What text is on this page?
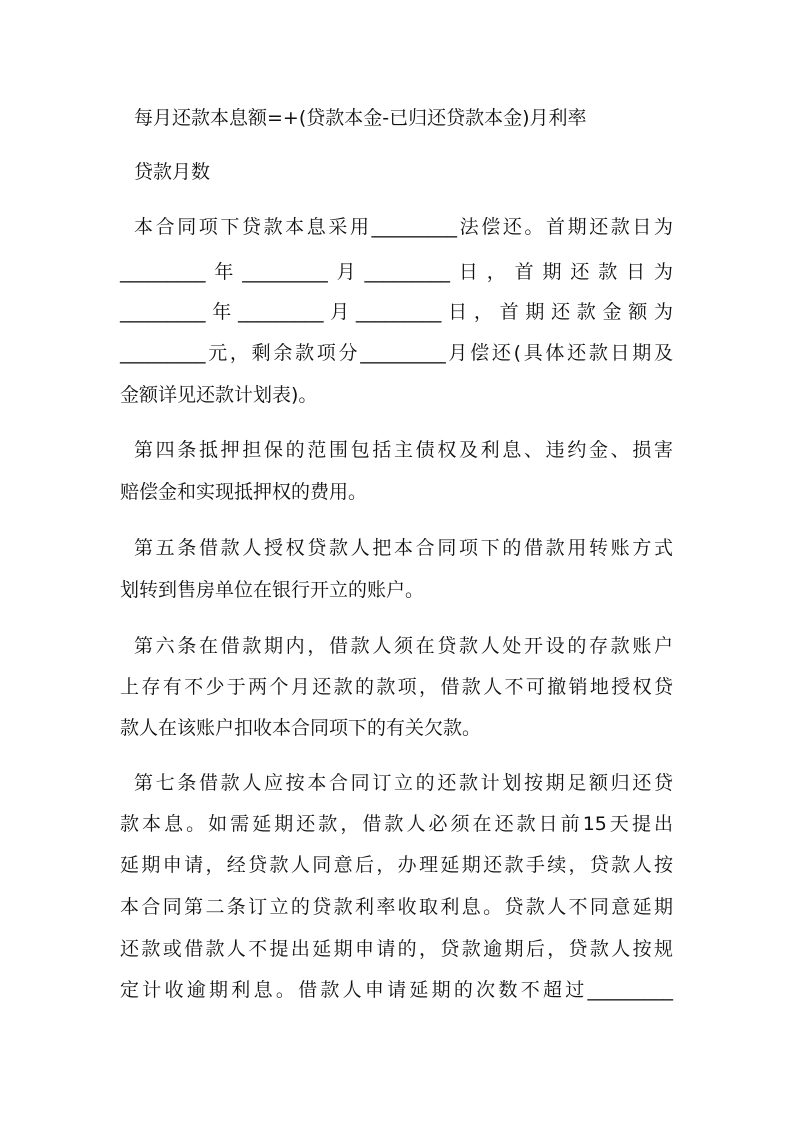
每月还款本息额=+(贷款本金-已归还贷款本金)月利率
贷款月数
本合同项下贷款本息采用_________法偿还。首期还款日为
_________年_________月_________日，首期还款日为
_________年_________月_________日，首期还款金额为
_________元，剩余款项分_________月偿还(具体还款日期及
金额详见还款计划表)。
第四条抵押担保的范围包括主债权及利息、违约金、损害
赔偿金和实现抵押权的费用。
第五条借款人授权贷款人把本合同项下的借款用转账方式
划转到售房单位在银行开立的账户。
第六条在借款期内，借款人须在贷款人处开设的存款账户
上存有不少于两个月还款的款项，借款人不可撤销地授权贷
款人在该账户扣收本合同项下的有关欠款。
第七条借款人应按本合同订立的还款计划按期足额归还贷
款本息。如需延期还款，借款人必须在还款日前15天提出
延期申请，经贷款人同意后，办理延期还款手续，贷款人按
本合同第二条订立的贷款利率收取利息。贷款人不同意延期
还款或借款人不提出延期申请的，贷款逾期后，贷款人按规
定计收逾期利息。借款人申请延期的次数不超过_________
